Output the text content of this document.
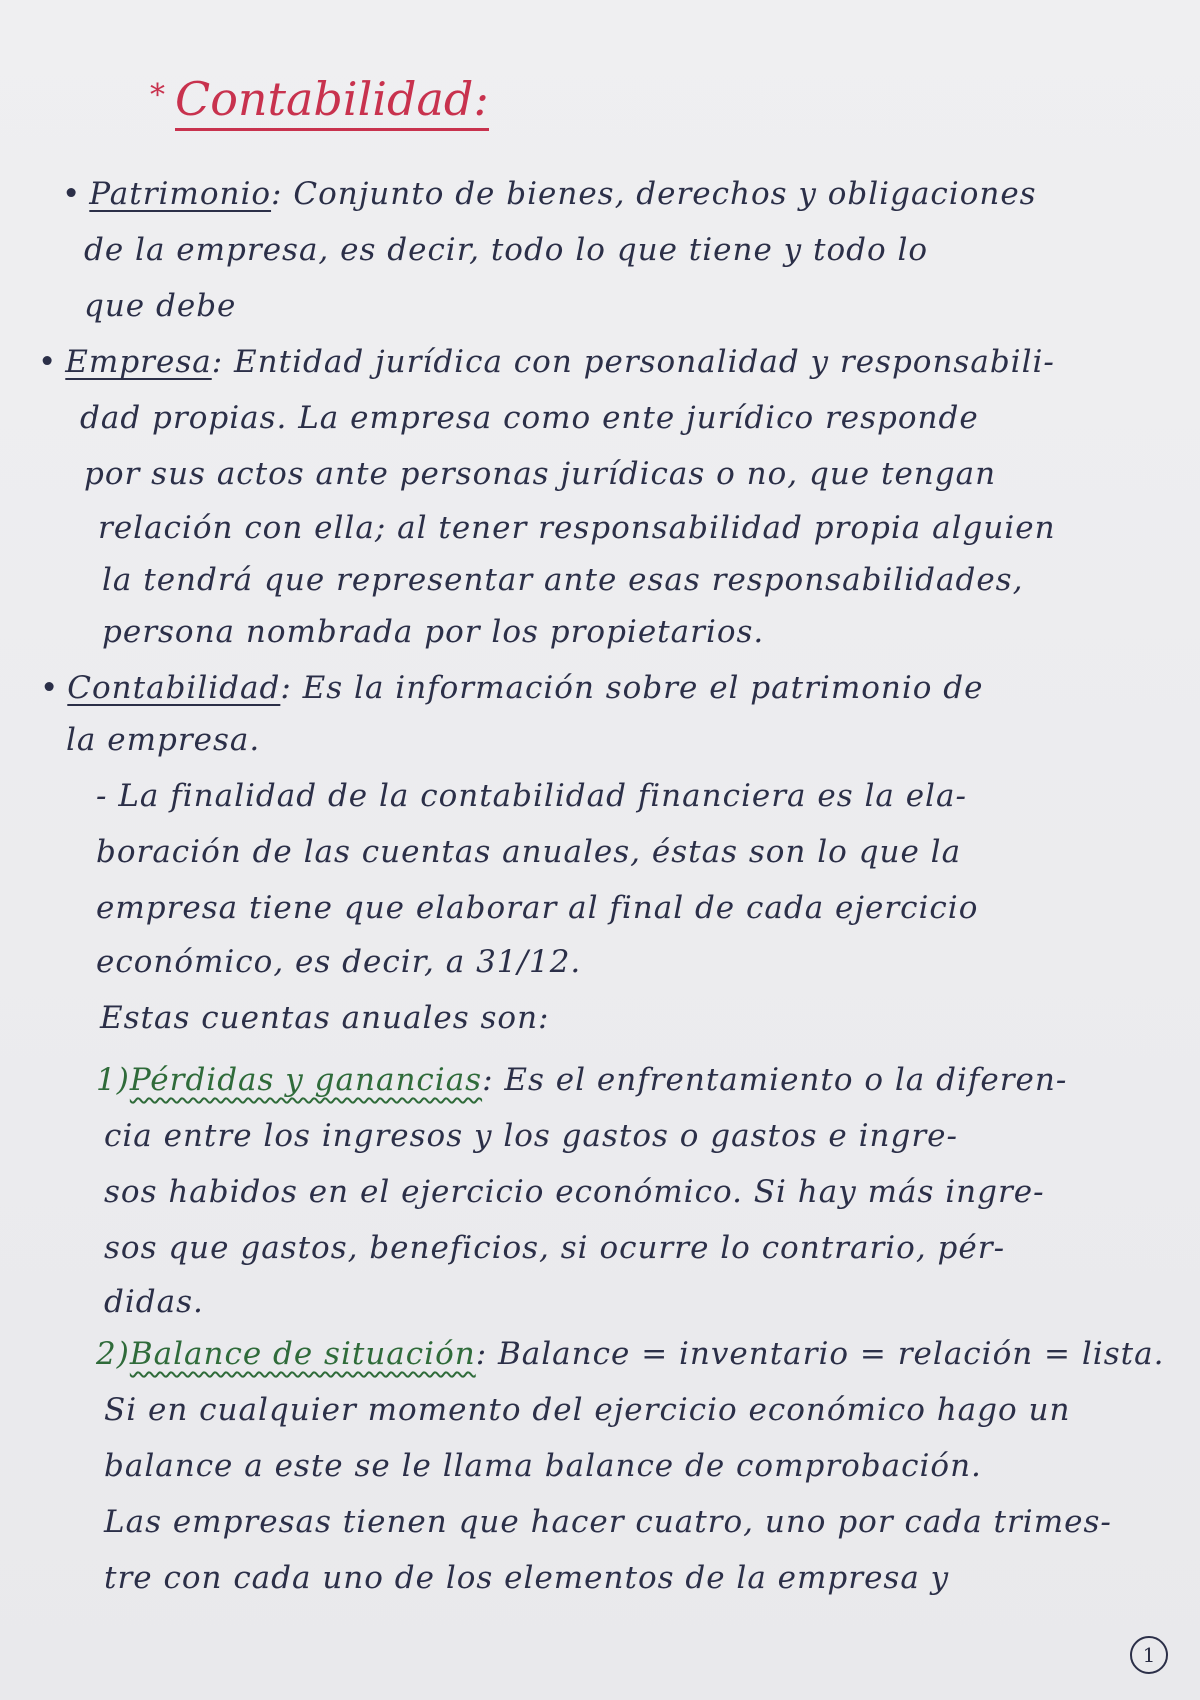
* Contabilidad:
• Patrimonio: Conjunto de bienes, derechos y obligaciones
de la empresa, es decir, todo lo que tiene y todo lo
que debe
• Empresa: Entidad jurídica con personalidad y responsabili-
dad propias. La empresa como ente jurídico responde
por sus actos ante personas jurídicas o no, que tengan
relación con ella; al tener responsabilidad propia alguien
la tendrá que representar ante esas responsabilidades,
persona nombrada por los propietarios.
• Contabilidad: Es la información sobre el patrimonio de
la empresa.
- La finalidad de la contabilidad financiera es la ela-
boración de las cuentas anuales, éstas son lo que la
empresa tiene que elaborar al final de cada ejercicio
económico, es decir, a 31/12.
Estas cuentas anuales son:
1)Pérdidas y ganancias: Es el enfrentamiento o la diferen-
cia entre los ingresos y los gastos o gastos e ingre-
sos habidos en el ejercicio económico. Si hay más ingre-
sos que gastos, beneficios, si ocurre lo contrario, pér-
didas.
2)Balance de situación: Balance = inventario = relación = lista.
Si en cualquier momento del ejercicio económico hago un
balance a este se le llama balance de comprobación.
Las empresas tienen que hacer cuatro, uno por cada trimes-
tre con cada uno de los elementos de la empresa y
1
